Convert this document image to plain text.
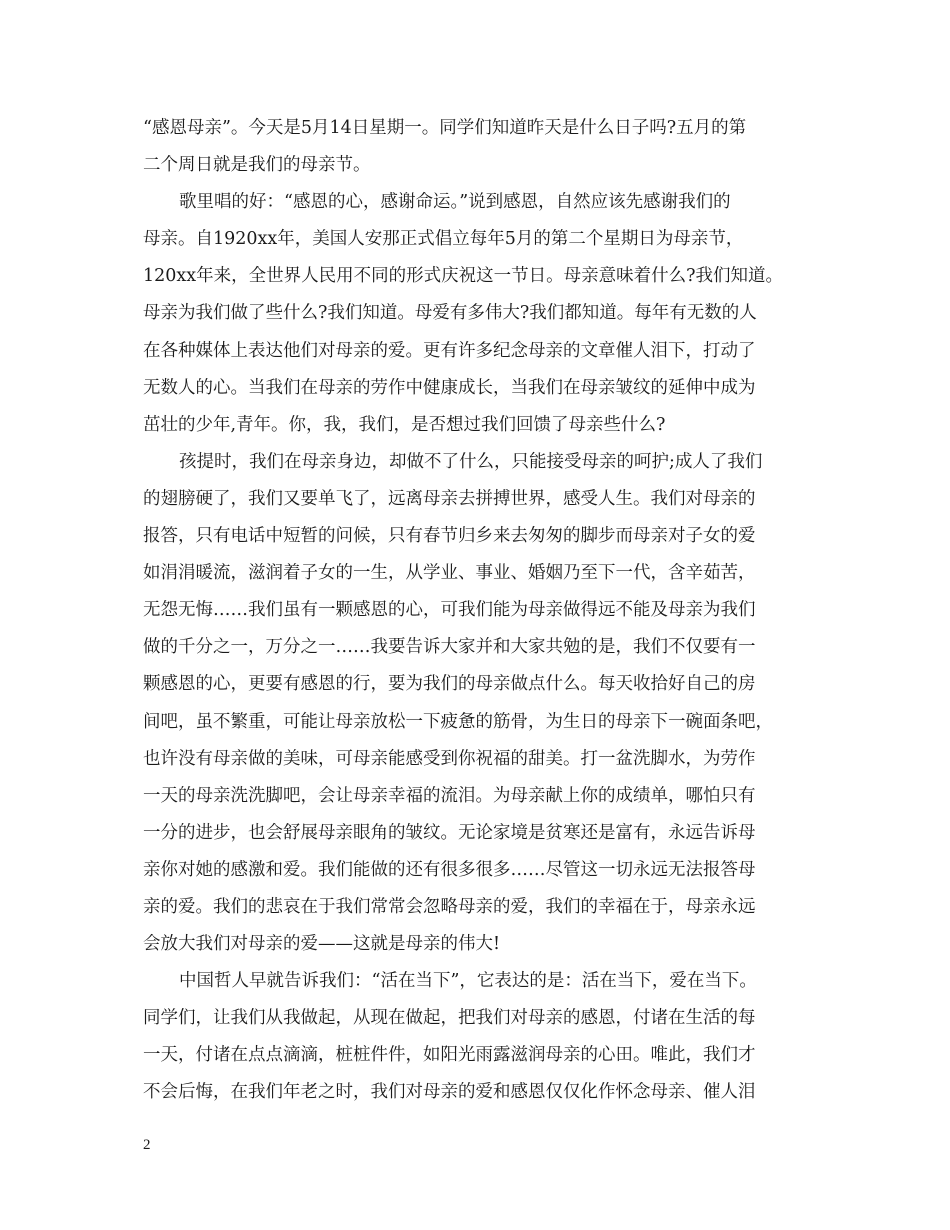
“感恩母亲”。今天是5月14日星期一。同学们知道昨天是什么日子吗?五月的第
二个周日就是我们的母亲节。
歌里唱的好：“感恩的心，感谢命运。”说到感恩，自然应该先感谢我们的
母亲。自1920xx年，美国人安那正式倡立每年5月的第二个星期日为母亲节，
120xx年来，全世界人民用不同的形式庆祝这一节日。母亲意味着什么?我们知道。
母亲为我们做了些什么?我们知道。母爱有多伟大?我们都知道。每年有无数的人
在各种媒体上表达他们对母亲的爱。更有许多纪念母亲的文章催人泪下，打动了
无数人的心。当我们在母亲的劳作中健康成长，当我们在母亲皱纹的延伸中成为
茁壮的少年,青年。你，我，我们，是否想过我们回馈了母亲些什么?
孩提时，我们在母亲身边，却做不了什么，只能接受母亲的呵护;成人了我们
的翅膀硬了，我们又要单飞了，远离母亲去拼搏世界，感受人生。我们对母亲的
报答，只有电话中短暂的问候，只有春节归乡来去匆匆的脚步而母亲对子女的爱
如涓涓暖流，滋润着子女的一生，从学业、事业、婚姻乃至下一代，含辛茹苦，
无怨无悔……我们虽有一颗感恩的心，可我们能为母亲做得远不能及母亲为我们
做的千分之一，万分之一……我要告诉大家并和大家共勉的是，我们不仅要有一
颗感恩的心，更要有感恩的行，要为我们的母亲做点什么。每天收拾好自己的房
间吧，虽不繁重，可能让母亲放松一下疲惫的筋骨，为生日的母亲下一碗面条吧，
也许没有母亲做的美味，可母亲能感受到你祝福的甜美。打一盆洗脚水，为劳作
一天的母亲洗洗脚吧，会让母亲幸福的流泪。为母亲献上你的成绩单，哪怕只有
一分的进步，也会舒展母亲眼角的皱纹。无论家境是贫寒还是富有，永远告诉母
亲你对她的感激和爱。我们能做的还有很多很多……尽管这一切永远无法报答母
亲的爱。我们的悲哀在于我们常常会忽略母亲的爱，我们的幸福在于，母亲永远
会放大我们对母亲的爱——这就是母亲的伟大!
中国哲人早就告诉我们：“活在当下”，它表达的是：活在当下，爱在当下。
同学们，让我们从我做起，从现在做起，把我们对母亲的感恩，付诸在生活的每
一天，付诸在点点滴滴，桩桩件件，如阳光雨露滋润母亲的心田。唯此，我们才
不会后悔，在我们年老之时，我们对母亲的爱和感恩仅仅化作怀念母亲、催人泪
2
